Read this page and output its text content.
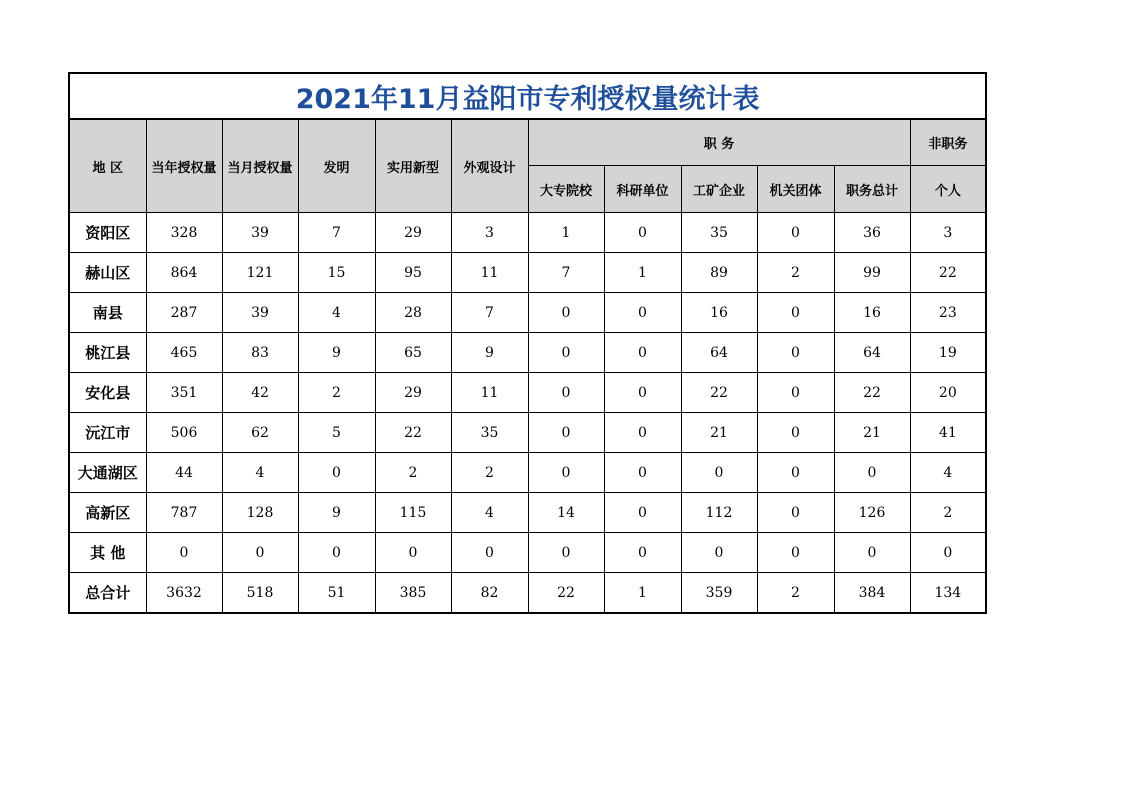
2021年11月益阳市专利授权量统计表											
地 区	当年授权量	当月授权量	发明	实用新型	外观设计	职 务					非职务
						大专院校	科研单位	工矿企业	机关团体	职务总计	个人
资阳区	328	39	7	29	3	1	0	35	0	36	3
赫山区	864	121	15	95	11	7	1	89	2	99	22
南县	287	39	4	28	7	0	0	16	0	16	23
桃江县	465	83	9	65	9	0	0	64	0	64	19
安化县	351	42	2	29	11	0	0	22	0	22	20
沅江市	506	62	5	22	35	0	0	21	0	21	41
大通湖区	44	4	0	2	2	0	0	0	0	0	4
高新区	787	128	9	115	4	14	0	112	0	126	2
其 他	0	0	0	0	0	0	0	0	0	0	0
总合计	3632	518	51	385	82	22	1	359	2	384	134
